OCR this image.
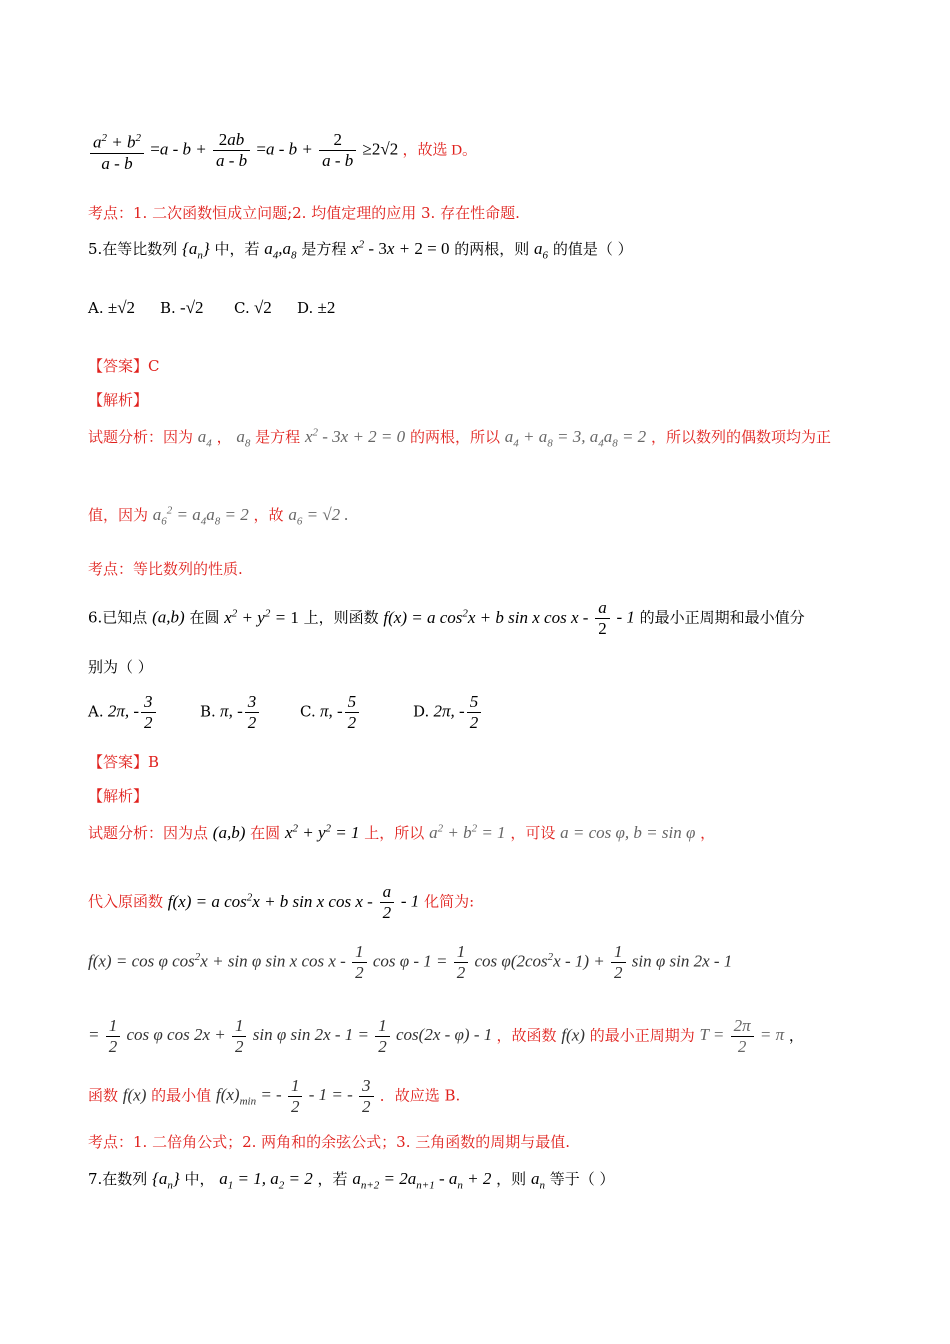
$\frac{a^2 + b^2}{a - b} =a - b + \frac{2ab}{a - b} =a - b + \frac{2}{a - b} \ge 2√2$ ，故选 D。
考点：1. 二次函数恒成立问题;2. 均值定理的应用 3. 存在性命题.
5.在等比数列 $\{a_n\}$ 中，若 $a_4,a_8$ 是方程 $x^2 - 3x + 2 = 0$ 的两根，则 $a_6$ 的值是（ ）
A. ±√2 B. -√2 C. √2 D. ±2
【答案】C
【解析】
试题分析：因为 $a_4$ ， $a_8$ 是方程 $x^2 - 3x + 2 = 0$ 的两根，所以 $a_4 + a_8 = 3$, $a_4a_8 = 2$ ，所以数列的偶数项均为正
值，因为 $a_6^2 = a_4a_8 = 2$ ，故 $a_6 = √2$ .
考点：等比数列的性质.
6.已知点 (a,b) 在圆 $x^2 + y^2 = 1$ 上，则函数 f(x) = a $\cos^2x + b$ sin x cos x - $\frac{a}{2} - 1$ 的最小正周期和最小值分
别为（ ）
A. 2π, - $\frac{3}{2}$	B. π, - $\frac{3}{2}$	C. π, - $\frac{5}{2}$	D. 2π, - $\frac{5}{2}$
【答案】B
【解析】
试题分析：因为点 (a,b) 在圆 $x^2 + y^2 = 1$ 上，所以 $a^2 + b^2 = 1$ ，可设 a = cos φ, b = sin φ ，
代入原函数 f(x) = a $\cos^2x + b$ sin x cos x - $\frac{a}{2} - 1$ 化简为:
f(x) = cos φ $\cos^2x + \sin \varphi$ sin x cos x - $\frac{1}{2}$ $\cos \varphi - 1 = \frac{1}{2}$ $\cos \varphi(2\cos^2x - 1) + \frac{1}{2}$ sin φ sin 2x - 1
= $\frac{1}{2}$ cos φ $\cos 2x + \frac{1}{2}$ sin φ $\sin 2x - 1 = \frac{1}{2} \cos(2x - \varphi) - 1$ ，故函数 f(x) 的最小正周期为 $T = \frac{2\pi}{2} = \pi$ ，
函数 f(x) 的最小值 $f(x)_{min}$ = - $\frac{1}{2} - 1$ = - $\frac{3}{2}$ ．故应选 B.
考点：1. 二倍角公式；2. 两角和的余弦公式；3. 三角函数的周期与最值.
7.在数列 $\{a_n\}$ 中， $a_1 = 1$, $a_2 = 2$ ，若 $a_{n+2} = 2a_{n+1} - a_n + 2$ ，则 $a_n$ 等于（ ）
